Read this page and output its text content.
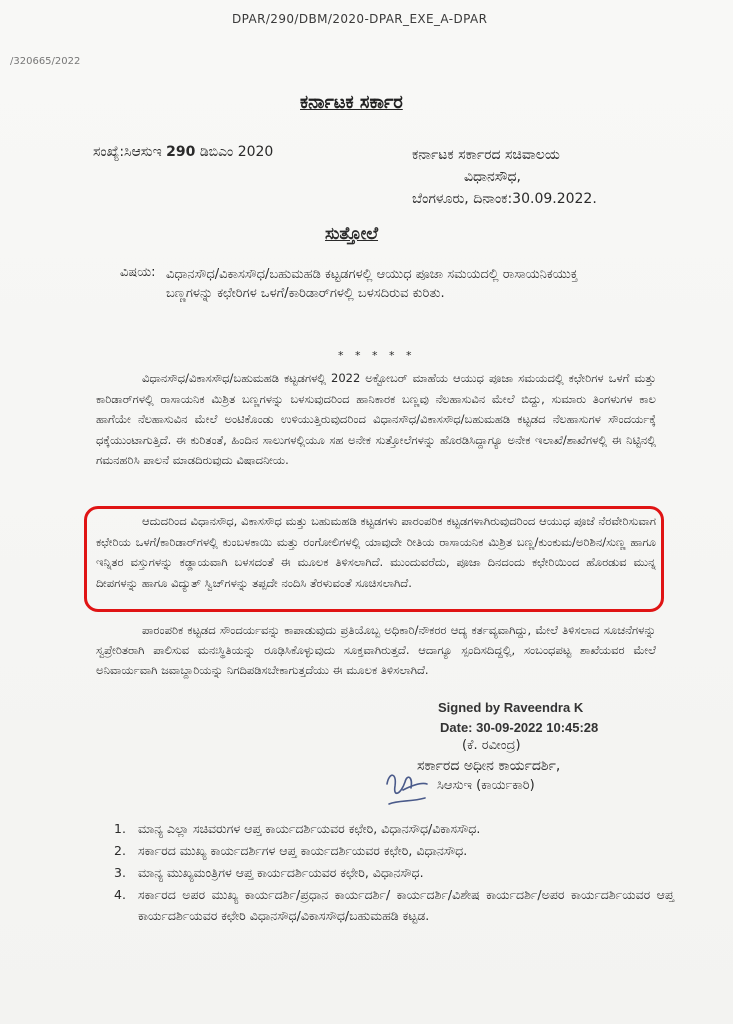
DPAR/290/DBM/2020-DPAR_EXE_A-DPAR
/320665/2022
ಕರ್ನಾಟಕ ಸರ್ಕಾರ
ಸಂಖ್ಯೆ:ಸಿಆಸುಇ 290 ಡಿಬಿಎಂ 2020	ಕರ್ನಾಟಕ ಸರ್ಕಾರದ ಸಚಿವಾಲಯ
ವಿಧಾನಸೌಧ,
ಬೆಂಗಳೂರು, ದಿನಾಂಕ:30.09.2022.
ಸುತ್ತೋಲೆ
ವಿಷಯ: ವಿಧಾನಸೌಧ/ವಿಕಾಸಸೌಧ/ಬಹುಮಹಡಿ ಕಟ್ಟಡಗಳಲ್ಲಿ ಆಯುಧ ಪೂಜಾ ಸಮಯದಲ್ಲಿ ರಾಸಾಯನಿಕಯುಕ್ತ ಬಣ್ಣಗಳನ್ನು ಕಛೇರಿಗಳ ಒಳಗೆ/ಕಾರಿಡಾರ್‌ಗಳಲ್ಲಿ ಬಳಸದಿರುವ ಕುರಿತು.
* * * * *
ವಿಧಾನಸೌಧ/ವಿಕಾಸಸೌಧ/ಬಹುಮಹಡಿ ಕಟ್ಟಡಗಳಲ್ಲಿ 2022 ಅಕ್ಟೋಬರ್ ಮಾಹೆಯ ಆಯುಧ ಪೂಜಾ ಸಮಯದಲ್ಲಿ ಕಛೇರಿಗಳ ಒಳಗೆ ಮತ್ತು ಕಾರಿಡಾರ್‌ಗಳಲ್ಲಿ ರಾಸಾಯನಿಕ ಮಿಶ್ರಿತ ಬಣ್ಣಗಳನ್ನು ಬಳಸುವುದರಿಂದ ಹಾನಿಕಾರಕ ಬಣ್ಣವು ನೆಲಹಾಸುವಿನ ಮೇಲೆ ಬಿದ್ದು, ಸುಮಾರು ತಿಂಗಳುಗಳ ಕಾಲ ಹಾಗೆಯೇ ನೆಲಹಾಸುವಿನ ಮೇಲೆ ಅಂಟಿಕೊಂಡು ಉಳಿಯುತ್ತಿರುವುದರಿಂದ ವಿಧಾನಸೌಧ/ವಿಕಾಸಸೌಧ/ಬಹುಮಹಡಿ ಕಟ್ಟಡದ ನೆಲಹಾಸುಗಳ ಸೌಂದರ್ಯಕ್ಕೆ ಧಕ್ಕೆಯುಂಟಾಗುತ್ತಿದೆ. ಈ ಕುರಿತಂತೆ, ಹಿಂದಿನ ಸಾಲುಗಳಲ್ಲಿಯೂ ಸಹ ಅನೇಕ ಸುತ್ತೋಲೆಗಳನ್ನು ಹೊರಡಿಸಿದ್ದಾಗ್ಯೂ ಅನೇಕ ಇಲಾಖೆ/ಶಾಖೆಗಳಲ್ಲಿ ಈ ನಿಟ್ಟಿನಲ್ಲಿ ಗಮನಹರಿಸಿ ಪಾಲನೆ ಮಾಡದಿರುವುದು ವಿಷಾದನೀಯ.
ಆದುದರಿಂದ ವಿಧಾನಸೌಧ, ವಿಕಾಸಸೌಧ ಮತ್ತು ಬಹುಮಹಡಿ ಕಟ್ಟಡಗಳು ಪಾರಂಪರಿಕ ಕಟ್ಟಡಗಳಾಗಿರುವುದರಿಂದ ಆಯುಧ ಪೂಜೆ ನೆರವೇರಿಸುವಾಗ ಕಛೇರಿಯ ಒಳಗೆ/ಕಾರಿಡಾರ್‌ಗಳಲ್ಲಿ ಕುಂಬಳಕಾಯಿ ಮತ್ತು ರಂಗೋಲಿಗಳಲ್ಲಿ ಯಾವುದೇ ರೀತಿಯ ರಾಸಾಯನಿಕ ಮಿಶ್ರಿತ ಬಣ್ಣ/ಕುಂಕುಮ/ಅರಿಶಿನ/ಸುಣ್ಣ ಹಾಗೂ ಇನ್ನಿತರ ವಸ್ತುಗಳನ್ನು ಕಡ್ಡಾಯವಾಗಿ ಬಳಸದಂತೆ ಈ ಮೂಲಕ ತಿಳಿಸಲಾಗಿದೆ. ಮುಂದುವರೆದು, ಪೂಜಾ ದಿನದಂದು ಕಛೇರಿಯಿಂದ ಹೊರಡುವ ಮುನ್ನ ದೀಪಗಳನ್ನು ಹಾಗೂ ವಿದ್ಯುತ್ ಸ್ವಿಚ್‌ಗಳನ್ನು ತಪ್ಪದೇ ನಂದಿಸಿ ತೆರಳುವಂತೆ ಸೂಚಿಸಲಾಗಿದೆ.
ಪಾರಂಪರಿಕ ಕಟ್ಟಡದ ಸೌಂದರ್ಯವನ್ನು ಕಾಪಾಡುವುದು ಪ್ರತಿಯೊಬ್ಬ ಅಧಿಕಾರಿ/ನೌಕರರ ಆದ್ಯ ಕರ್ತವ್ಯವಾಗಿದ್ದು, ಮೇಲೆ ತಿಳಿಸಲಾದ ಸೂಚನೆಗಳನ್ನು ಸ್ವಪ್ರೇರಿತರಾಗಿ ಪಾಲಿಸುವ ಮನಃಸ್ಥಿತಿಯನ್ನು ರೂಢಿಸಿಕೊಳ್ಳುವುದು ಸೂಕ್ತವಾಗಿರುತ್ತದೆ. ಆದಾಗ್ಯೂ ಸ್ಪಂದಿಸದಿದ್ದಲ್ಲಿ, ಸಂಬಂಧಪಟ್ಟ ಶಾಖೆಯವರ ಮೇಲೆ ಅನಿವಾರ್ಯವಾಗಿ ಜವಾಬ್ದಾರಿಯನ್ನು ನಿಗದಿಪಡಿಸಬೇಕಾಗುತ್ತದೆಯು ಈ ಮೂಲಕ ತಿಳಿಸಲಾಗಿದೆ.
Signed by Raveendra K
Date: 30-09-2022 10:45:28
(ಕೆ. ರವೀಂದ್ರ)
ಸರ್ಕಾರದ ಅಧೀನ ಕಾರ್ಯದರ್ಶಿ,
ಸಿಆಸುಇ (ಕಾರ್ಯಕಾರಿ)
1. ಮಾನ್ಯ ಎಲ್ಲಾ ಸಚಿವರುಗಳ ಆಪ್ತ ಕಾರ್ಯದರ್ಶಿಯವರ ಕಛೇರಿ, ವಿಧಾನಸೌಧ/ವಿಕಾಸಸೌಧ.
2. ಸರ್ಕಾರದ ಮುಖ್ಯ ಕಾರ್ಯದರ್ಶಿಗಳ ಆಪ್ತ ಕಾರ್ಯದರ್ಶಿಯವರ ಕಛೇರಿ, ವಿಧಾನಸೌಧ.
3. ಮಾನ್ಯ ಮುಖ್ಯಮಂತ್ರಿಗಳ ಆಪ್ತ ಕಾರ್ಯದರ್ಶಿಯವರ ಕಛೇರಿ, ವಿಧಾನಸೌಧ.
4. ಸರ್ಕಾರದ ಅಪರ ಮುಖ್ಯ ಕಾರ್ಯದರ್ಶಿ/ಪ್ರಧಾನ ಕಾರ್ಯದರ್ಶಿ/ ಕಾರ್ಯದರ್ಶಿ/ವಿಶೇಷ ಕಾರ್ಯದರ್ಶಿ/ಅಪರ ಕಾರ್ಯದರ್ಶಿಯವರ ಆಪ್ತ ಕಾರ್ಯದರ್ಶಿಯವರ ಕಛೇರಿ ವಿಧಾನಸೌಧ/ವಿಕಾಸಸೌಧ/ಬಹುಮಹಡಿ ಕಟ್ಟಡ.
